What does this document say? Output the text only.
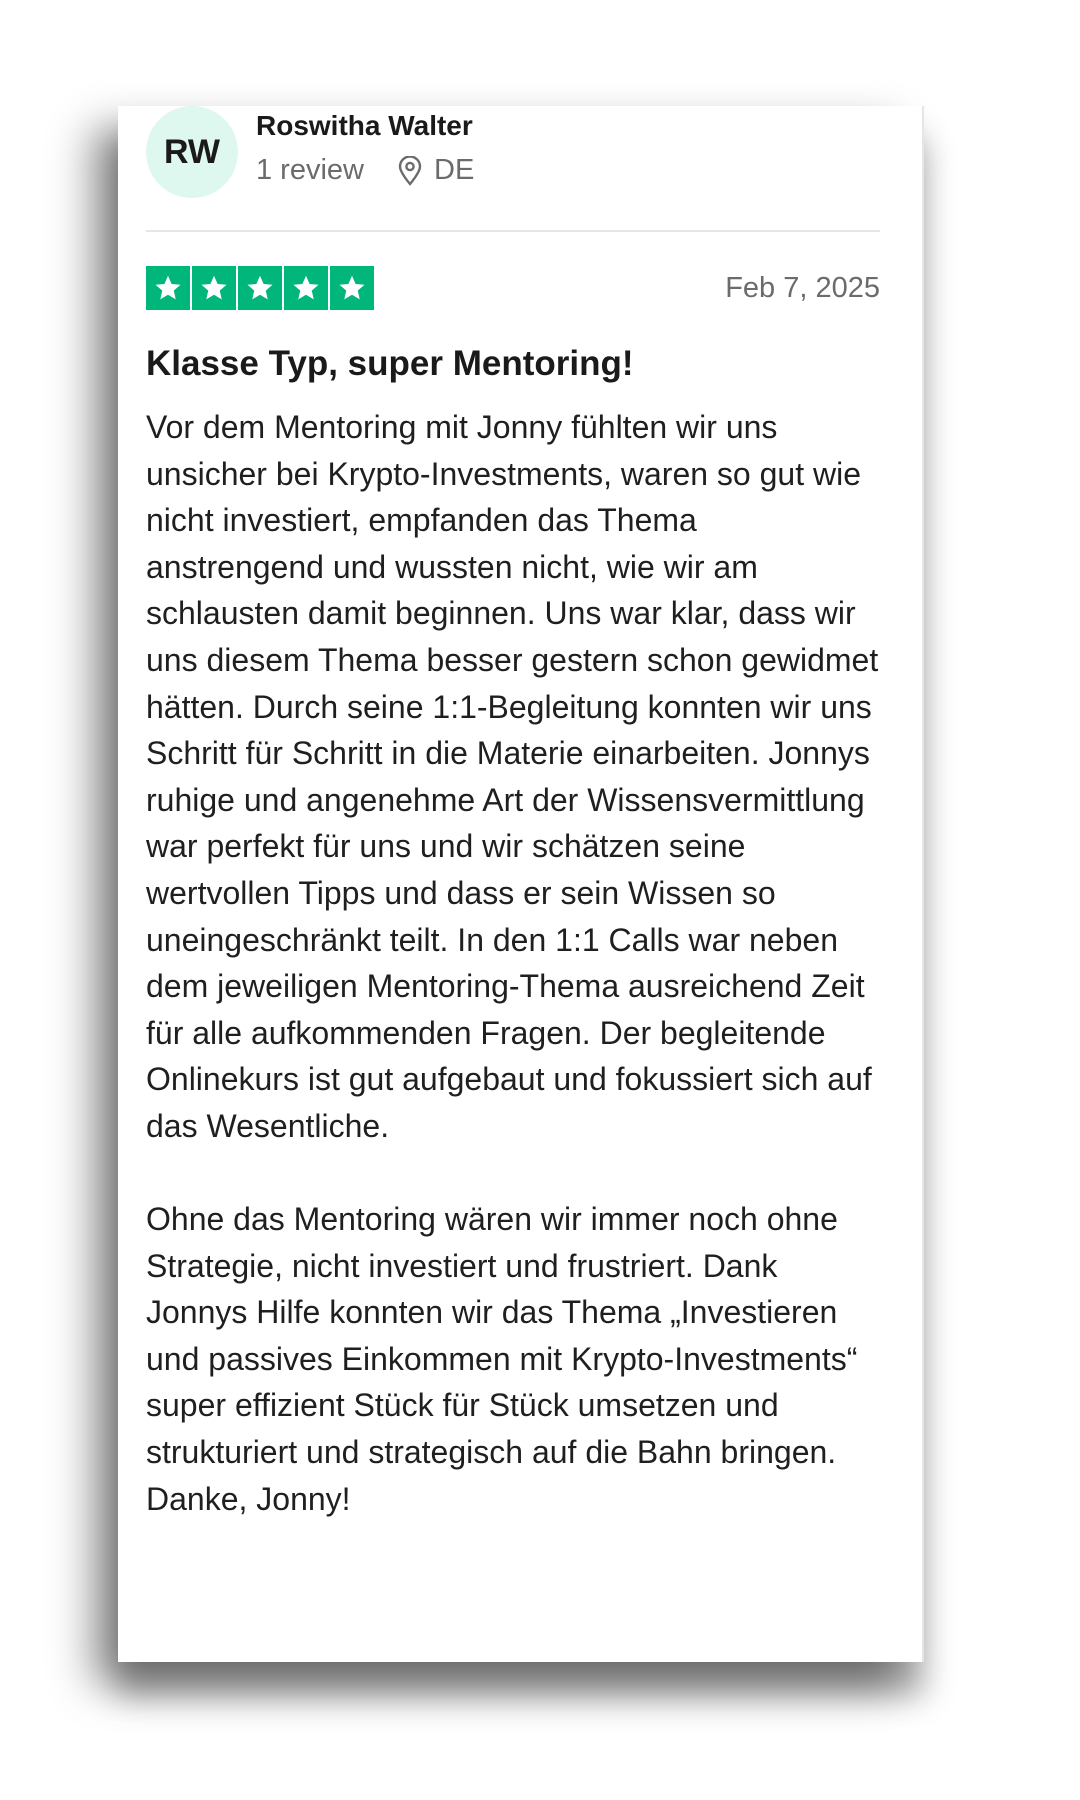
RW
Roswitha Walter
1 review DE
Feb 7, 2025
Klasse Typ, super Mentoring!

Vor dem Mentoring mit Jonny fühlten wir uns unsicher bei Krypto-Investments, waren so gut wie nicht investiert, empfanden das Thema anstrengend und wussten nicht, wie wir am schlausten damit beginnen. Uns war klar, dass wir uns diesem Thema besser gestern schon gewidmet hätten. Durch seine 1:1-Begleitung konnten wir uns Schritt für Schritt in die Materie einarbeiten. Jonnys ruhige und angenehme Art der Wissensvermittlung war perfekt für uns und wir schätzen seine wertvollen Tipps und dass er sein Wissen so uneingeschränkt teilt. In den 1:1 Calls war neben dem jeweiligen Mentoring-Thema ausreichend Zeit für alle aufkommenden Fragen. Der begleitende Onlinekurs ist gut aufgebaut und fokussiert sich auf das Wesentliche.

Ohne das Mentoring wären wir immer noch ohne Strategie, nicht investiert und frustriert. Dank Jonnys Hilfe konnten wir das Thema „Investieren und passives Einkommen mit Krypto-Investments“ super effizient Stück für Stück umsetzen und strukturiert und strategisch auf die Bahn bringen. Danke, Jonny!
